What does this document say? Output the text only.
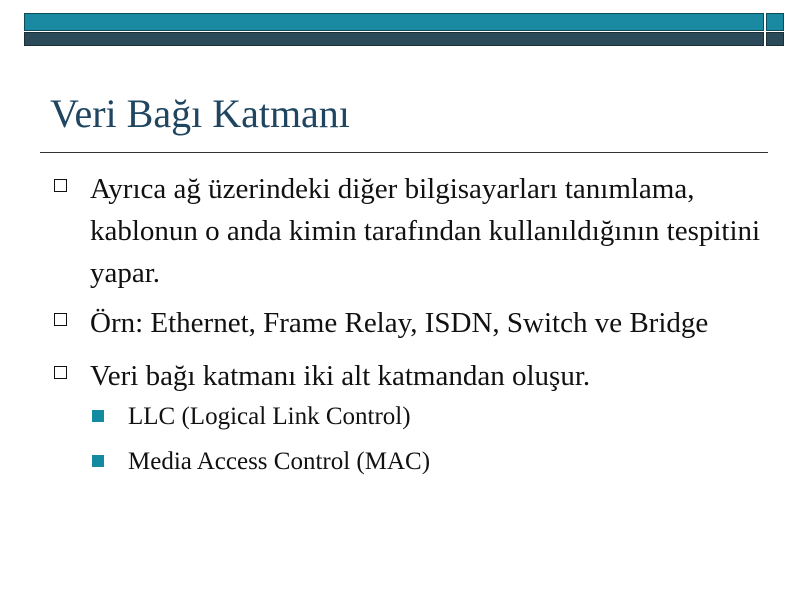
Veri Bağı Katmanı
Ayrıca ağ üzerindeki diğer bilgisayarları tanımlama, kablonun o anda kimin tarafından kullanıldığının tespitini yapar.
Örn: Ethernet, Frame Relay, ISDN, Switch ve Bridge
Veri bağı katmanı iki alt katmandan oluşur.
LLC (Logical Link Control)
Media Access Control (MAC)
